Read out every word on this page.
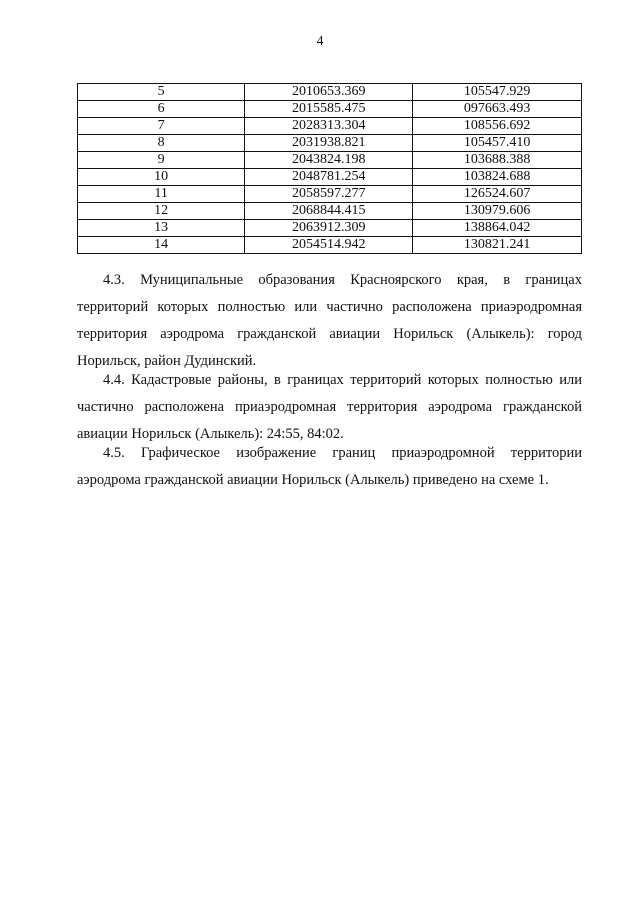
4
5	2010653.369	105547.929
6	2015585.475	097663.493
7	2028313.304	108556.692
8	2031938.821	105457.410
9	2043824.198	103688.388
10	2048781.254	103824.688
11	2058597.277	126524.607
12	2068844.415	130979.606
13	2063912.309	138864.042
14	2054514.942	130821.241

4.3. Муниципальные образования Красноярского края, в границах территорий которых полностью или частично расположена приаэродромная территория аэродрома гражданской авиации Норильск (Алыкель): город Норильск, район Дудинский.

4.4. Кадастровые районы, в границах территорий которых полностью или частично расположена приаэродромная территория аэродрома гражданской авиации Норильск (Алыкель): 24:55, 84:02.

4.5. Графическое изображение границ приаэродромной территории аэродрома гражданской авиации Норильск (Алыкель) приведено на схеме 1.
